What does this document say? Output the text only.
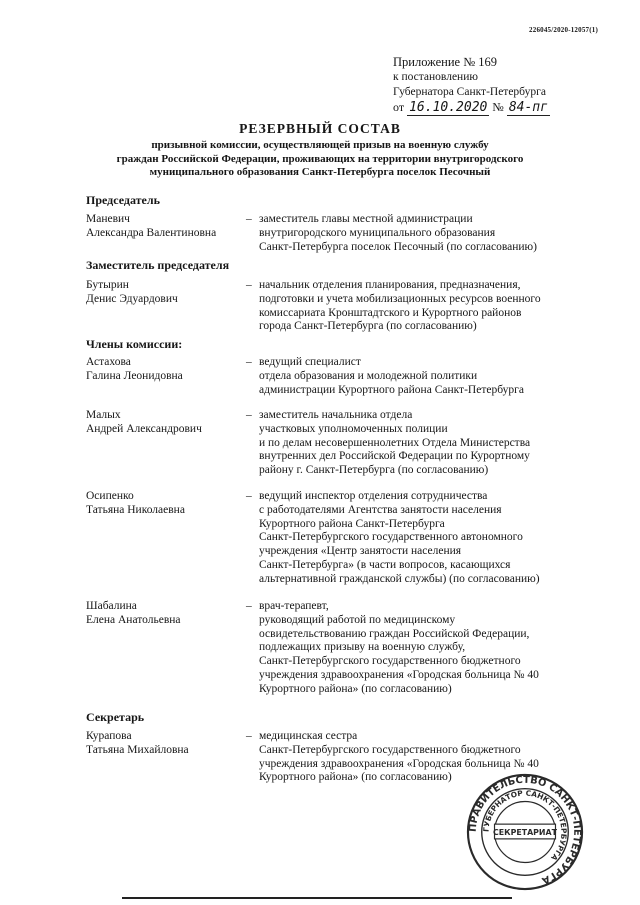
226045/2020-12057(1)
Приложение № 169
к постановлению
Губернатора Санкт-Петербурга
от 16.10.2020 № 84-пг
РЕЗЕРВНЫЙ СОСТАВ
призывной комиссии, осуществляющей призыв на военную службу
граждан Российской Федерации, проживающих на территории внутригородского
муниципального образования Санкт-Петербурга поселок Песочный
Председатель
Маневич
Александра Валентиновна
– заместитель главы местной администрации
внутригородского муниципального образования
Санкт-Петербурга поселок Песочный (по согласованию)
Заместитель председателя
Бутырин
Денис Эдуардович
– начальник отделения планирования, предназначения,
подготовки и учета мобилизационных ресурсов военного
комиссариата Кронштадтского и Курортного районов
города Санкт-Петербурга (по согласованию)
Члены комиссии:
Астахова
Галина Леонидовна
– ведущий специалист
отдела образования и молодежной политики
администрации Курортного района Санкт-Петербурга
Малых
Андрей Александрович
– заместитель начальника отдела
участковых уполномоченных полиции
и по делам несовершеннолетних Отдела Министерства
внутренних дел Российской Федерации по Курортному
району г. Санкт-Петербурга (по согласованию)
Осипенко
Татьяна Николаевна
– ведущий инспектор отделения сотрудничества
с работодателями Агентства занятости населения
Курортного района Санкт-Петербурга
Санкт-Петербургского государственного автономного
учреждения «Центр занятости населения
Санкт-Петербурга» (в части вопросов, касающихся
альтернативной гражданской службы) (по согласованию)
Шабалина
Елена Анатольевна
– врач-терапевт,
руководящий работой по медицинскому
освидетельствованию граждан Российской Федерации,
подлежащих призыву на военную службу,
Санкт-Петербургского государственного бюджетного
учреждения здравоохранения «Городская больница № 40
Курортного района» (по согласованию)
Секретарь
Курапова
Татьяна Михайловна
– медицинская сестра
Санкт-Петербургского государственного бюджетного
учреждения здравоохранения «Городская больница № 40
Курортного района» (по согласованию)
ПРАВИТЕЛЬСТВО САНКТ-ПЕТЕРБУРГА
ГУБЕРНАТОР САНКТ-ПЕТЕРБУРГА
СЕКРЕТАРИАТ
